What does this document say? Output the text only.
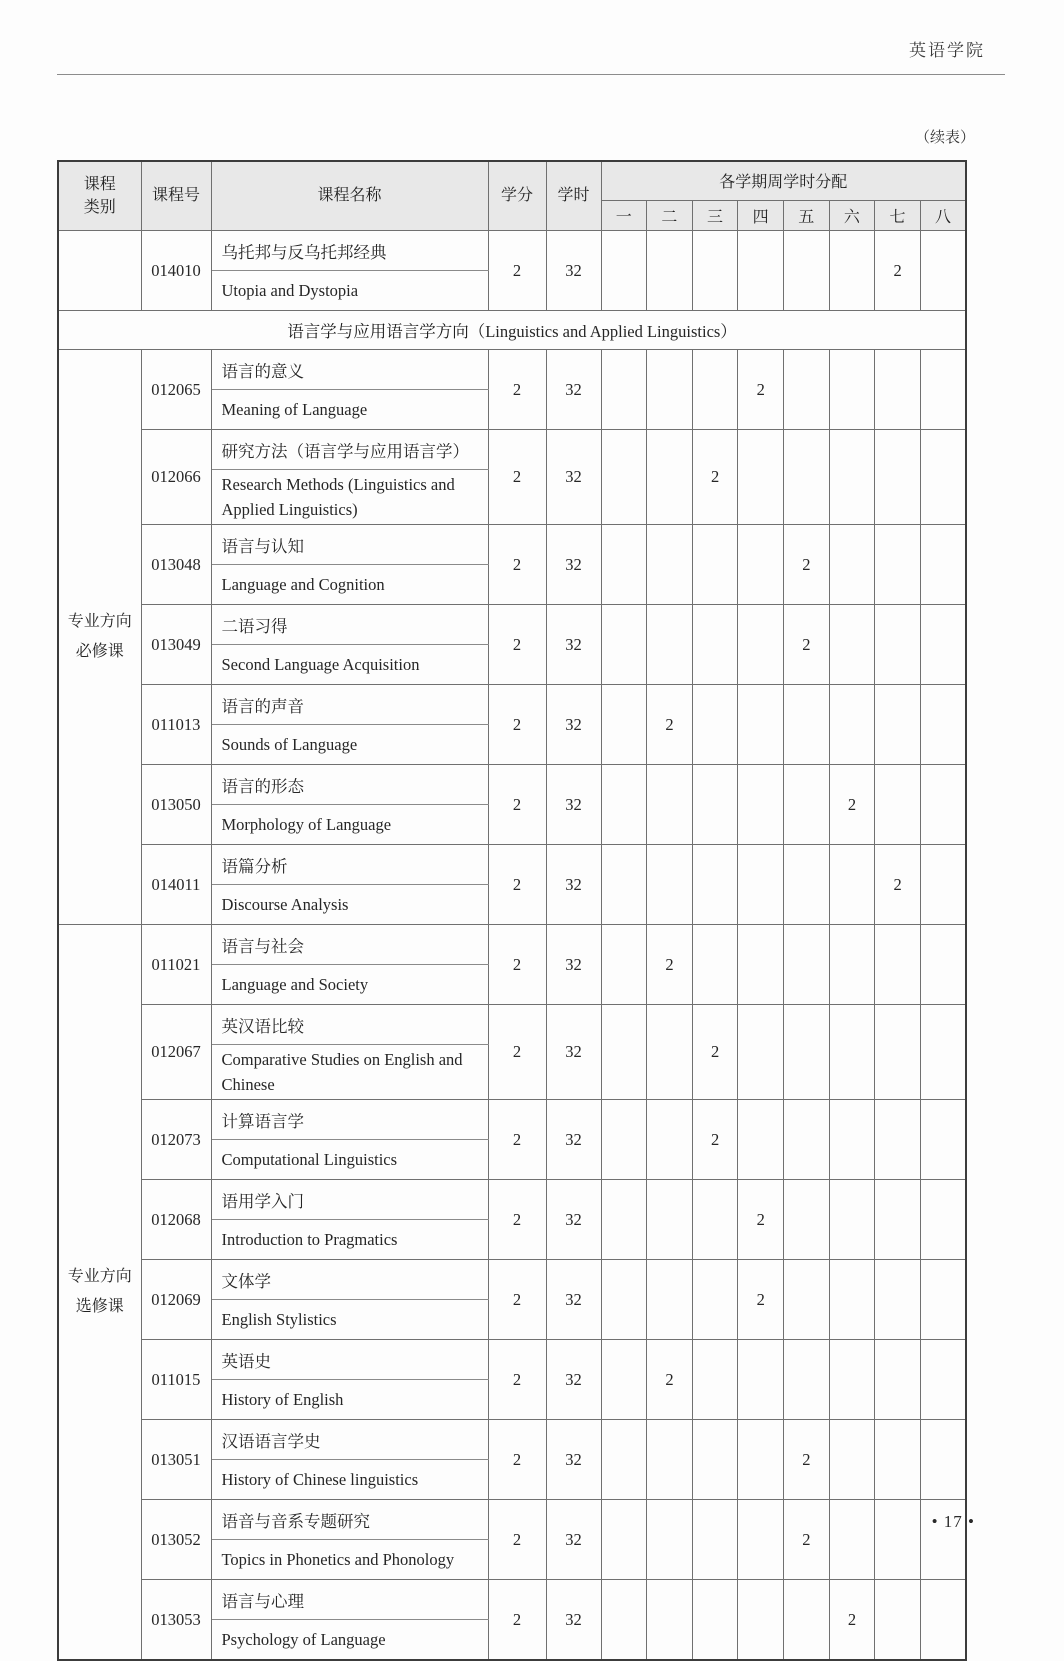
英语学院
（续表）
课程
类别	课程号	课程名称	学分	学时	各学期周学时分配							
					一	二	三	四	五	六	七	八
	014010	乌托邦与反乌托邦经典	2	32							2	
		Utopia and Dystopia										
语言学与应用语言学方向（Linguistics and Applied Linguistics）												

专业方向
必修课	012065	语言的意义	2	32				2				
		Meaning of Language										
	012066	研究方法（语言学与应用语言学）	2	32			2					
		Research Methods (Linguistics and Applied Linguistics)										
	013048	语言与认知	2	32					2			
		Language and Cognition										
	013049	二语习得	2	32					2			
		Second Language Acquisition										
	011013	语言的声音	2	32		2						
		Sounds of Language										
	013050	语言的形态	2	32						2		
		Morphology of Language										
	014011	语篇分析	2	32							2	
		Discourse Analysis										

专业方向
选修课	011021	语言与社会	2	32		2						
		Language and Society										
	012067	英汉语比较	2	32			2					
		Comparative Studies on English and Chinese										
	012073	计算语言学	2	32			2					
		Computational Linguistics										
	012068	语用学入门	2	32				2				
		Introduction to Pragmatics										
	012069	文体学	2	32				2				
		English Stylistics										
	011015	英语史	2	32		2						
		History of English										
	013051	汉语语言学史	2	32					2			
		History of Chinese linguistics										
	013052	语音与音系专题研究	2	32					2			
		Topics in Phonetics and Phonology										
	013053	语言与心理	2	32						2		
		Psychology of Language										
• 17 •
